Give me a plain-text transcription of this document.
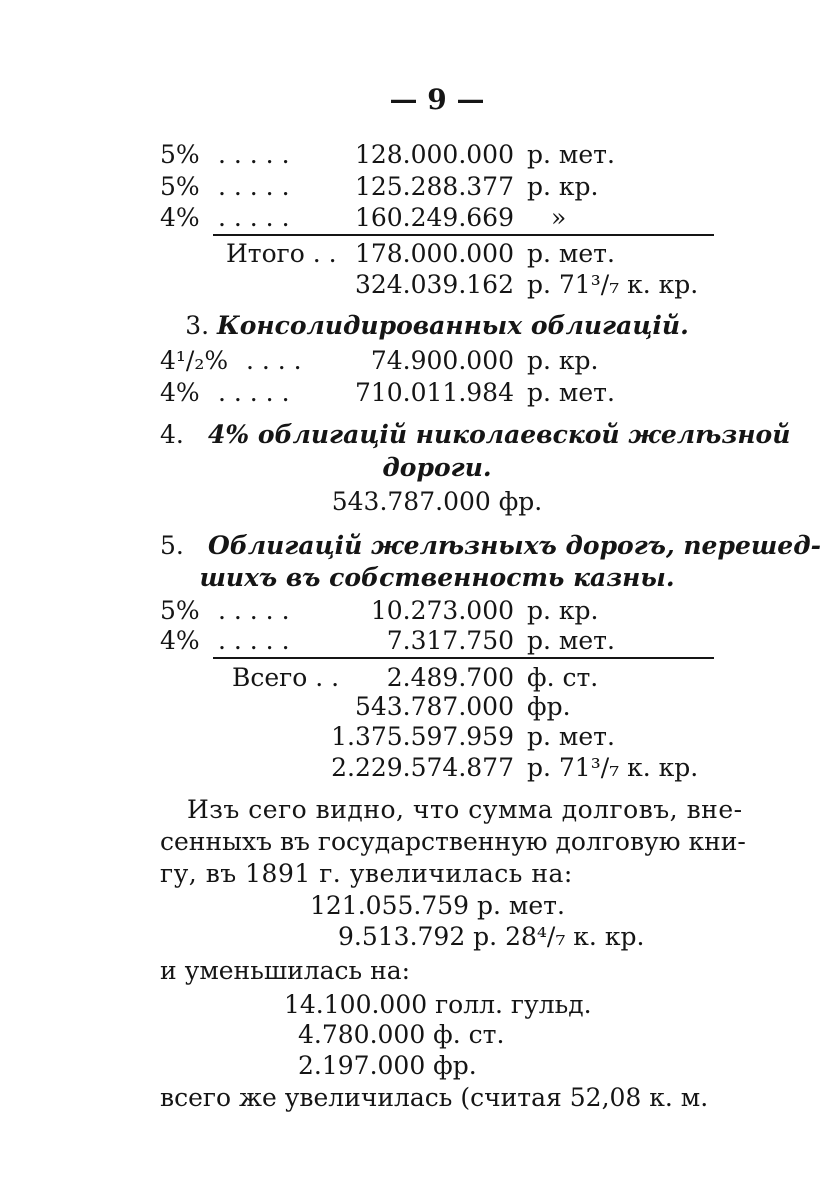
— 9 —
5% . . . . .	128.000.000 р. мет.
5% . . . . .	125.288.377 р. кр.
4% . . . . .	160.249.669 »
Итого . . 178.000.000 р. мет.
324.039.162 р. 71³/₇ к. кр.
3. Консолидированных облигацій.
4¹/₂% . . . .	74.900.000 р. кр.
4% . . . . .	710.011.984 р. мет.
4. 4% облигацій николаевской желѣзной
дороги.
543.787.000 фр.
5. Облигацій желѣзныхъ дорогъ, перешед-
шихъ въ собственность казны.
5% . . . . .	10.273.000 р. кр.
4% . . . . .	7.317.750 р. мет.
Всего . . 2.489.700 ф. ст.
543.787.000 фр.
1.375.597.959 р. мет.
2.229.574.877 р. 71³/₇ к. кр.
Изъ сего видно, что сумма долговъ, вне-
сенныхъ въ государственную долговую кни-
гу, въ 1891 г. увеличилась на:
121.055.759 р. мет.
9.513.792 р. 28⁴/₇ к. кр.
и уменьшилась на:
14.100.000 голл. гульд.
4.780.000 ф. ст.
2.197.000 фр.
всего же увеличилась (считая 52,08 к. м.
